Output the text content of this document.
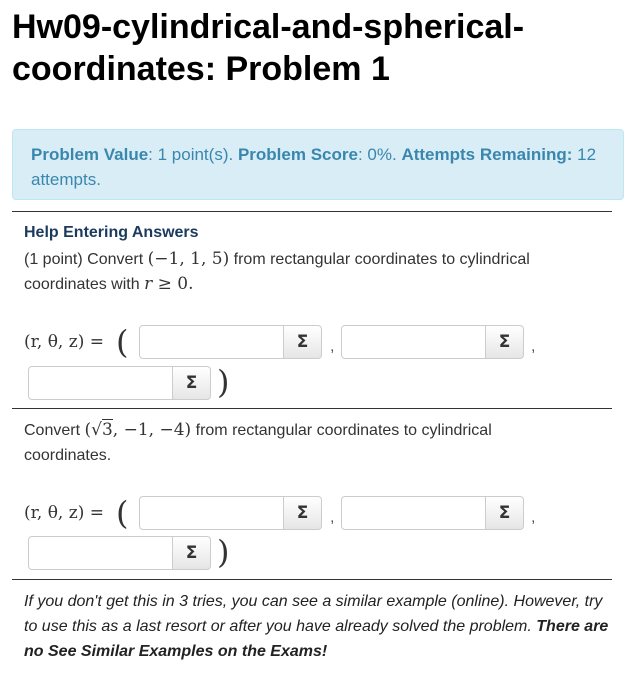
Hw09-cylindrical-and-spherical-
coordinates: Problem 1
Problem Value: 1 point(s). Problem Score: 0%. Attempts Remaining: 12 attempts.
Help Entering Answers
(1 point) Convert (−1, 1, 5) from rectangular coordinates to cylindrical
coordinates with r ≥ 0.
(r, θ, z) = (	Σ	,	Σ	,
Σ )
Convert (√3, −1, −4) from rectangular coordinates to cylindrical
coordinates.
(r, θ, z) = (	Σ	,	Σ	,
Σ )
If you don't get this in 3 tries, you can see a similar example (online). However, try to use this as a last resort or after you have already solved the problem. There are no See Similar Examples on the Exams!
